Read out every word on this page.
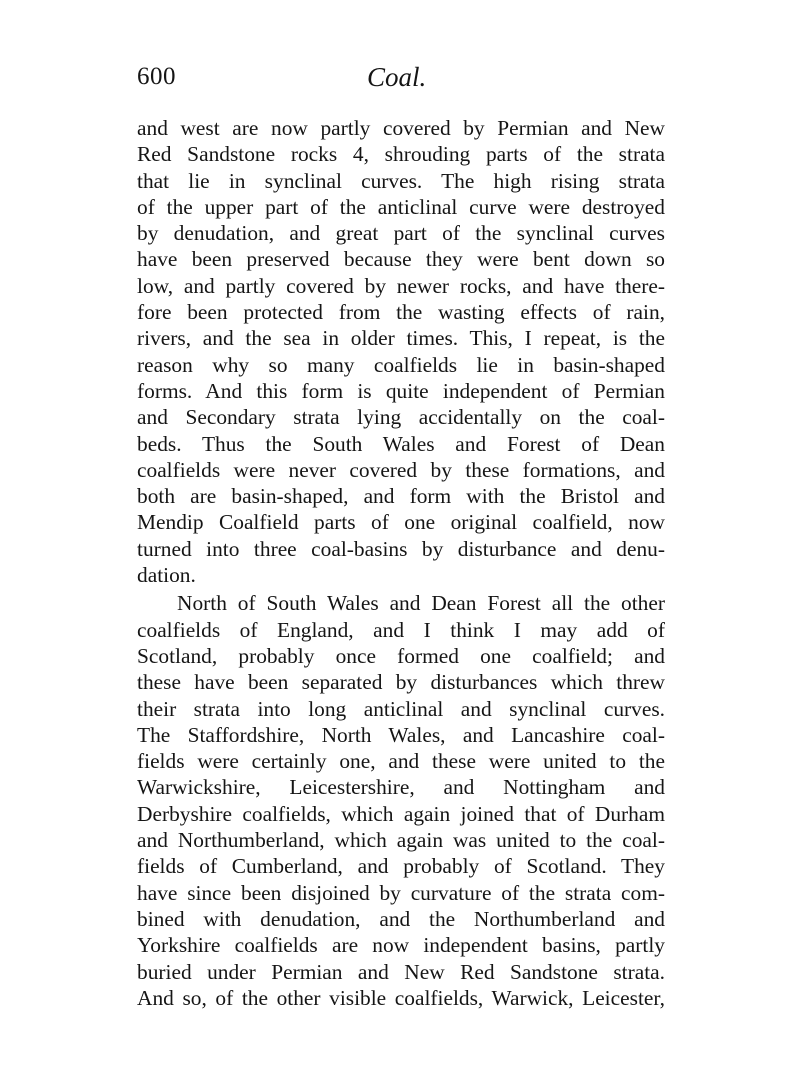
600	Coal.
and west are now partly covered by Permian and New
Red Sandstone rocks 4, shrouding parts of the strata
that lie in synclinal curves. The high rising strata
of the upper part of the anticlinal curve were destroyed
by denudation, and great part of the synclinal curves
have been preserved because they were bent down so
low, and partly covered by newer rocks, and have there-
fore been protected from the wasting effects of rain,
rivers, and the sea in older times. This, I repeat, is the
reason why so many coalfields lie in basin-shaped
forms. And this form is quite independent of Permian
and Secondary strata lying accidentally on the coal-
beds. Thus the South Wales and Forest of Dean
coalfields were never covered by these formations, and
both are basin-shaped, and form with the Bristol and
Mendip Coalfield parts of one original coalfield, now
turned into three coal-basins by disturbance and denu-
dation.
North of South Wales and Dean Forest all the other
coalfields of England, and I think I may add of
Scotland, probably once formed one coalfield; and
these have been separated by disturbances which threw
their strata into long anticlinal and synclinal curves.
The Staffordshire, North Wales, and Lancashire coal-
fields were certainly one, and these were united to the
Warwickshire, Leicestershire, and Nottingham and
Derbyshire coalfields, which again joined that of Durham
and Northumberland, which again was united to the coal-
fields of Cumberland, and probably of Scotland. They
have since been disjoined by curvature of the strata com-
bined with denudation, and the Northumberland and
Yorkshire coalfields are now independent basins, partly
buried under Permian and New Red Sandstone strata.
And so, of the other visible coalfields, Warwick, Leicester,
